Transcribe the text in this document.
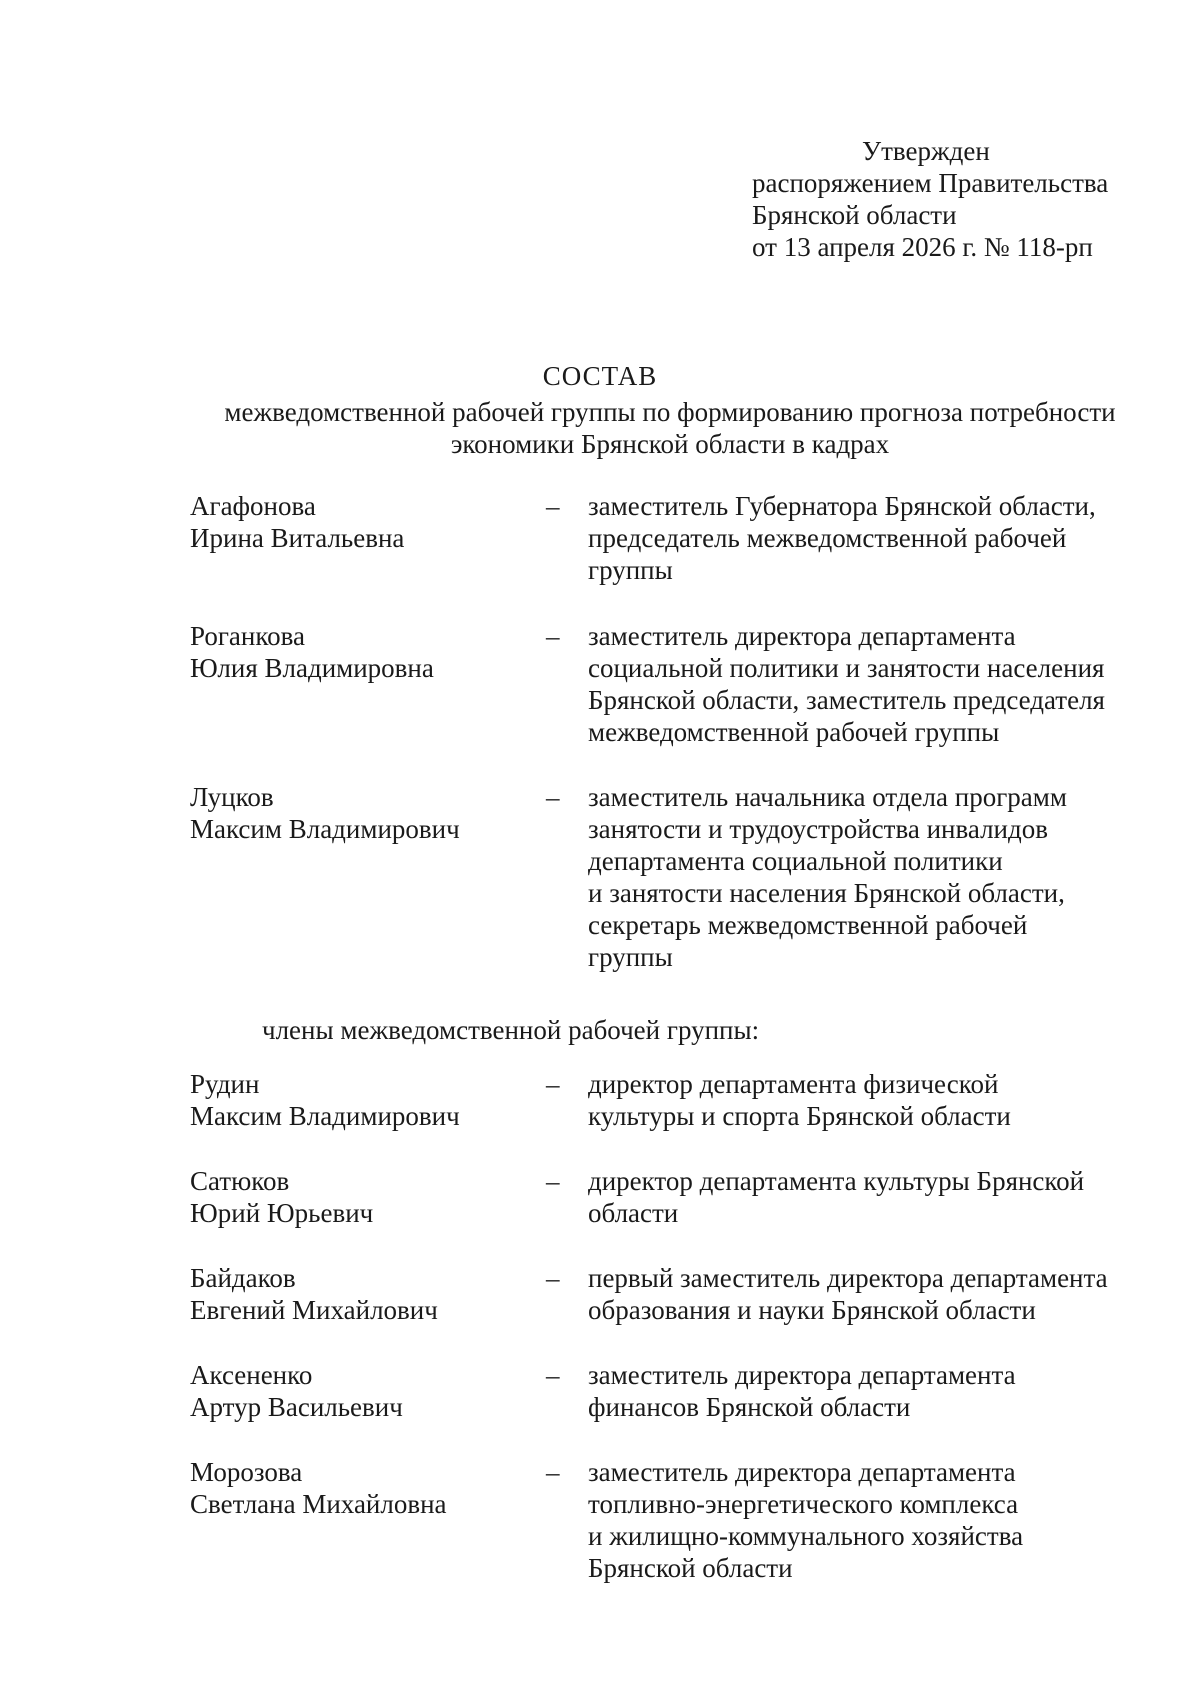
Утвержден
распоряжением Правительства
Брянской области
от 13 апреля 2026 г. № 118-рп
СОСТАВ
межведомственной рабочей группы по формированию прогноза потребности
экономики Брянской области в кадрах
Агафонова
Ирина Витальевна
– заместитель Губернатора Брянской области,
председатель межведомственной рабочей
группы
Роганкова
Юлия Владимировна
– заместитель директора департамента
социальной политики и занятости населения
Брянской области, заместитель председателя
межведомственной рабочей группы
Луцков
Максим Владимирович
– заместитель начальника отдела программ
занятости и трудоустройства инвалидов
департамента социальной политики
и занятости населения Брянской области,
секретарь межведомственной рабочей
группы
члены межведомственной рабочей группы:
Рудин
Максим Владимирович
– директор департамента физической
культуры и спорта Брянской области
Сатюков
Юрий Юрьевич
– директор департамента культуры Брянской
области
Байдаков
Евгений Михайлович
– первый заместитель директора департамента
образования и науки Брянской области
Аксененко
Артур Васильевич
– заместитель директора департамента
финансов Брянской области
Морозова
Светлана Михайловна
– заместитель директора департамента
топливно-энергетического комплекса
и жилищно-коммунального хозяйства
Брянской области
